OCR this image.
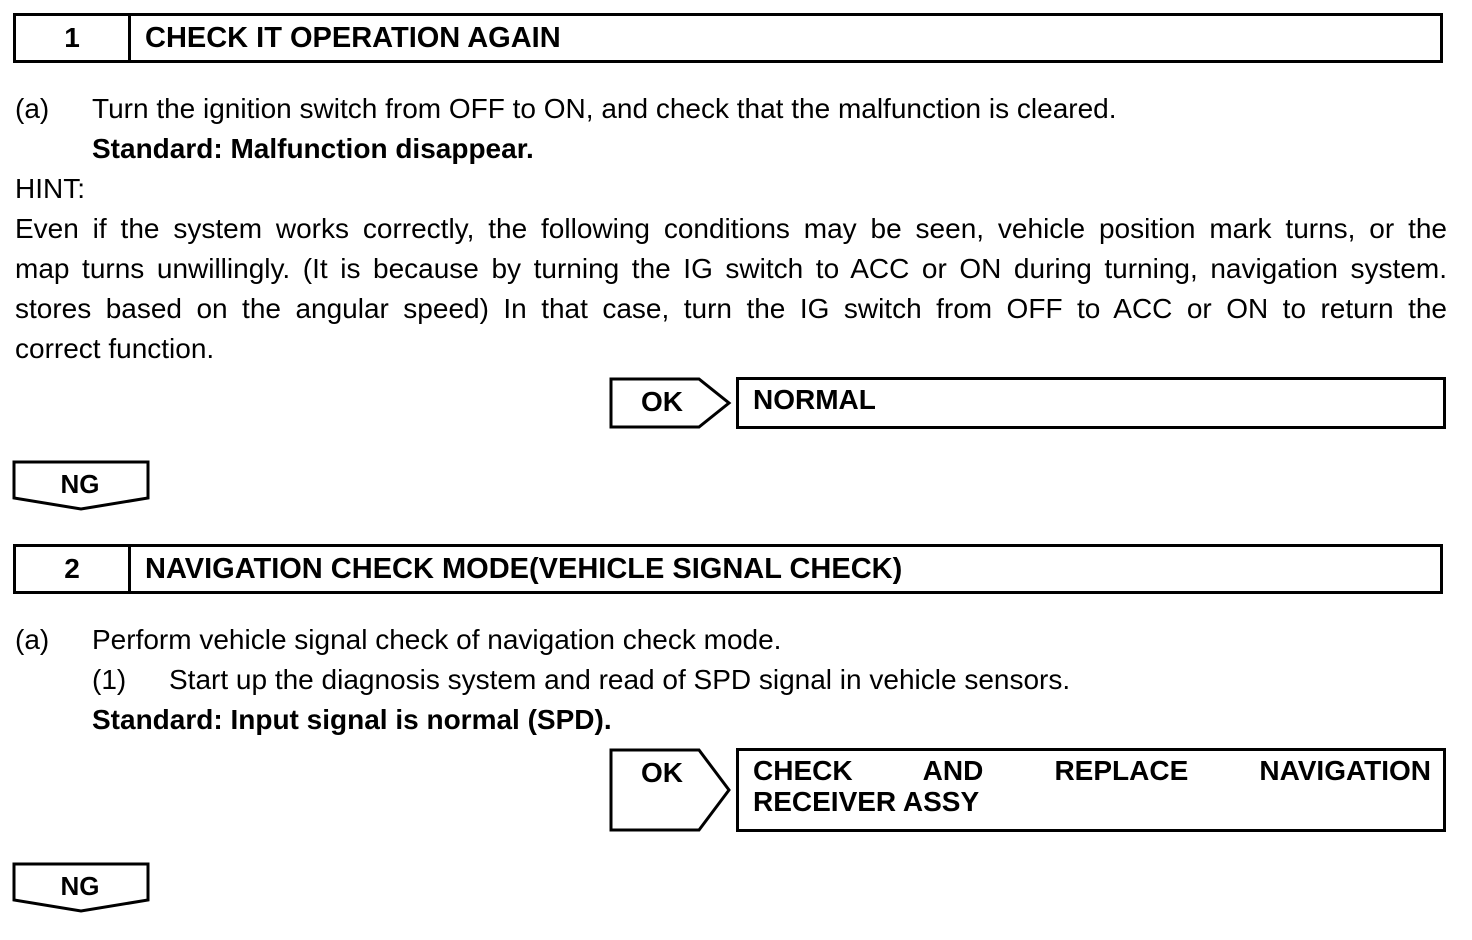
1	CHECK IT OPERATION AGAIN
(a) Turn the ignition switch from OFF to ON, and check that the malfunction is cleared.
Standard: Malfunction disappear.
HINT:
Even if the system works correctly, the following conditions may be seen, vehicle position mark turns, or the
map turns unwillingly. (It is because by turning the IG switch to ACC or ON during turning, navigation system.
stores based on the angular speed) In that case, turn the IG switch from OFF to ACC or ON to return the
correct function.
OK	NORMAL
NG
2	NAVIGATION CHECK MODE(VEHICLE SIGNAL CHECK)
(a) Perform vehicle signal check of navigation check mode.
(1) Start up the diagnosis system and read of SPD signal in vehicle sensors.
Standard: Input signal is normal (SPD).
OK	CHECK AND REPLACE NAVIGATION
RECEIVER ASSY
NG
